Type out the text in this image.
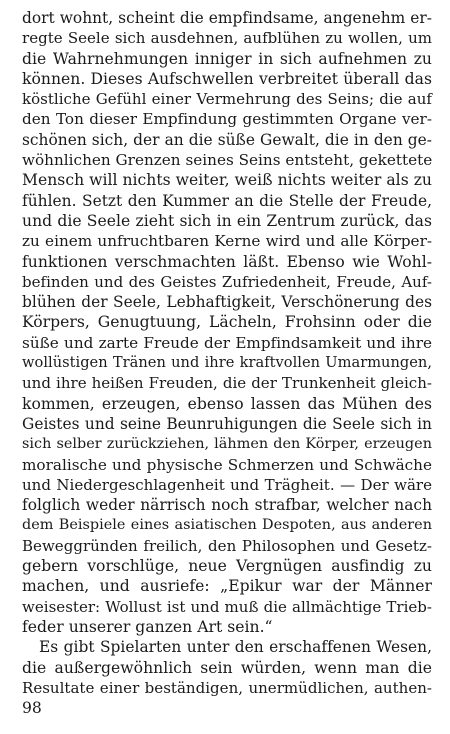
dort wohnt, scheint die empfindsame, angenehm er-
regte Seele sich ausdehnen, aufblühen zu wollen, um
die Wahrnehmungen inniger in sich aufnehmen zu
können. Dieses Aufschwellen verbreitet überall das
köstliche Gefühl einer Vermehrung des Seins; die auf
den Ton dieser Empfindung gestimmten Organe ver-
schönen sich, der an die süße Gewalt, die in den ge-
wöhnlichen Grenzen seines Seins entsteht, gekettete
Mensch will nichts weiter, weiß nichts weiter als zu
fühlen. Setzt den Kummer an die Stelle der Freude,
und die Seele zieht sich in ein Zentrum zurück, das
zu einem unfruchtbaren Kerne wird und alle Körper-
funktionen verschmachten läßt. Ebenso wie Wohl-
befinden und des Geistes Zufriedenheit, Freude, Auf-
blühen der Seele, Lebhaftigkeit, Verschönerung des
Körpers, Genugtuung, Lächeln, Frohsinn oder die
süße und zarte Freude der Empfindsamkeit und ihre
wollüstigen Tränen und ihre kraftvollen Umarmungen,
und ihre heißen Freuden, die der Trunkenheit gleich-
kommen, erzeugen, ebenso lassen das Mühen des
Geistes und seine Beunruhigungen die Seele sich in
sich selber zurückziehen, lähmen den Körper, erzeugen
moralische und physische Schmerzen und Schwäche
und Niedergeschlagenheit und Trägheit. — Der wäre
folglich weder närrisch noch strafbar, welcher nach
dem Beispiele eines asiatischen Despoten, aus anderen
Beweggründen freilich, den Philosophen und Gesetz-
gebern vorschlüge, neue Vergnügen ausfindig zu
machen, und ausriefe: „Epikur war der Männer
weisester: Wollust ist und muß die allmächtige Trieb-
feder unserer ganzen Art sein.“
Es gibt Spielarten unter den erschaffenen Wesen,
die außergewöhnlich sein würden, wenn man die
Resultate einer beständigen, unermüdlichen, authen-
98
